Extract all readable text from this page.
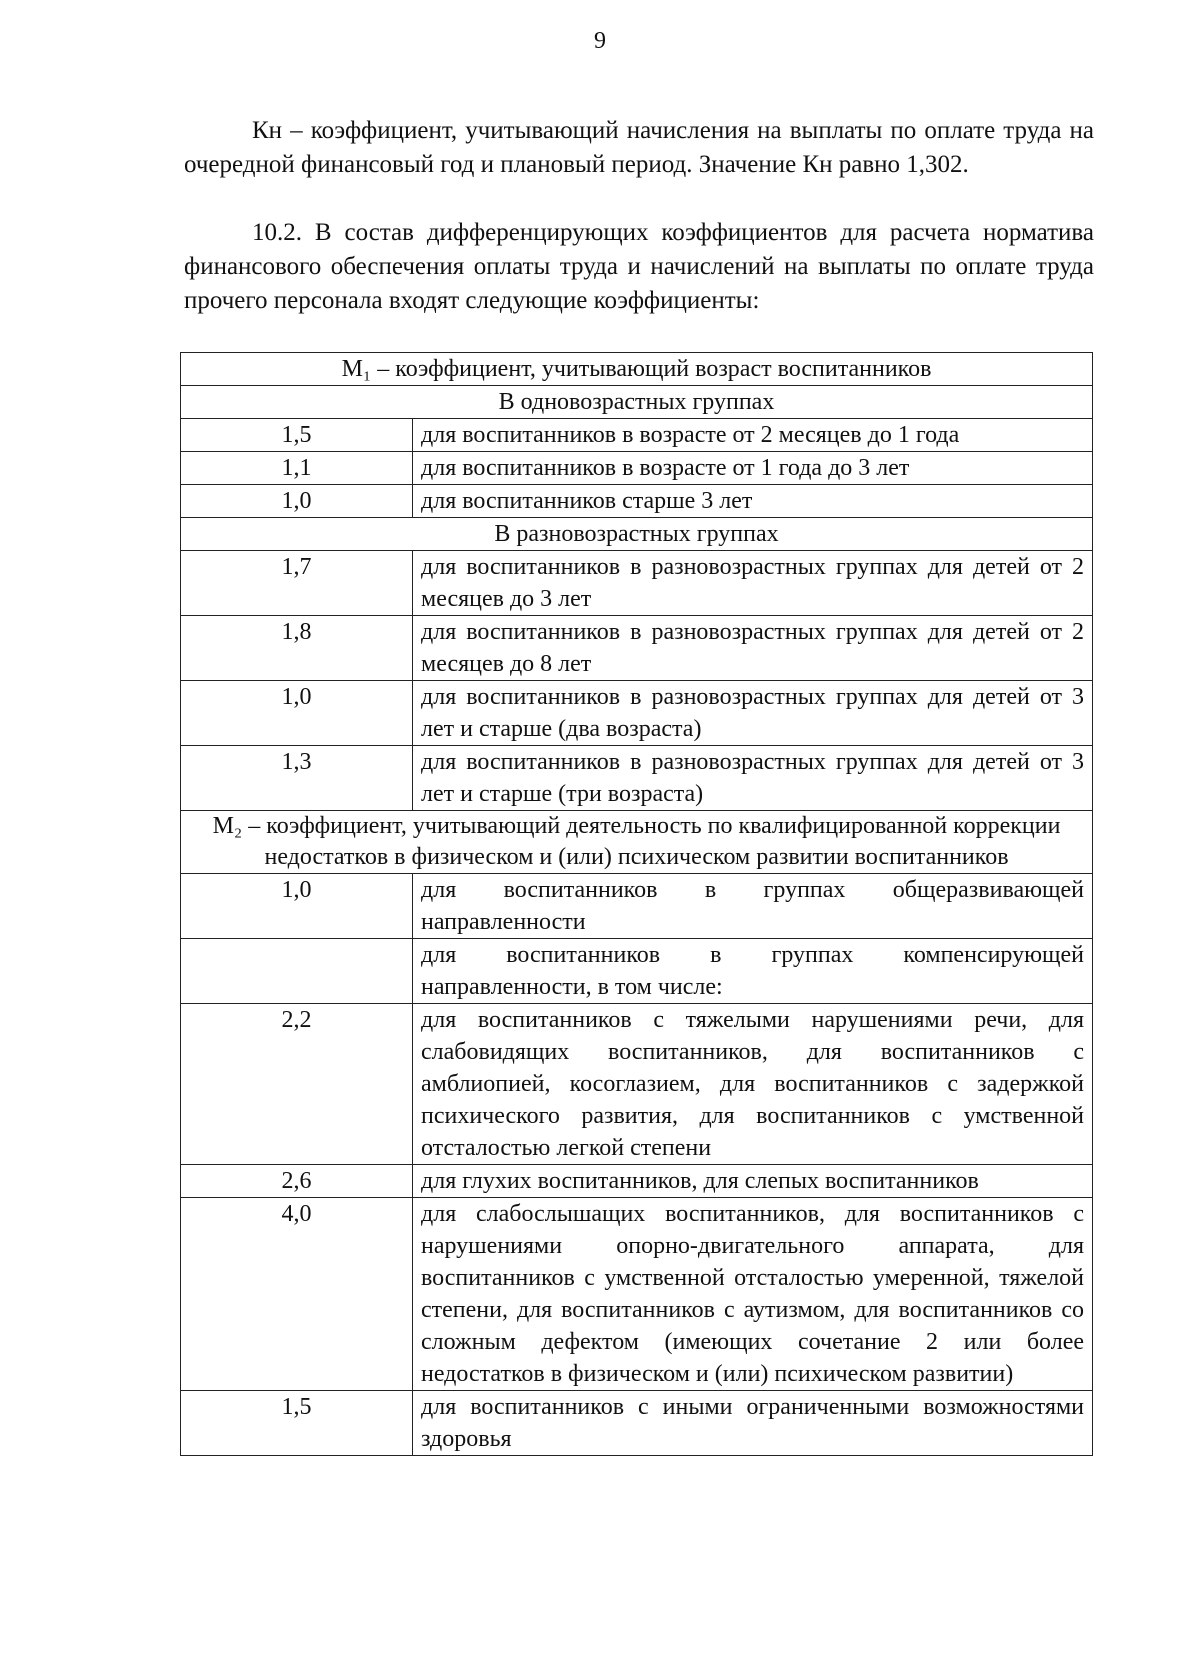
9

Кн – коэффициент, учитывающий начисления на выплаты по оплате труда на очередной финансовый год и плановый период. Значение Кн равно 1,302.

10.2. В состав дифференцирующих коэффициентов для расчета норматива финансового обеспечения оплаты труда и начислений на выплаты по оплате труда прочего персонала входят следующие коэффициенты:

М₁ – коэффициент, учитывающий возраст воспитанников	
В одновозрастных группах	
1,5	для воспитанников в возрасте от 2 месяцев до 1 года
1,1	для воспитанников в возрасте от 1 года до 3 лет
1,0	для воспитанников старше 3 лет
В разновозрастных группах	
1,7	для воспитанников в разновозрастных группах для детей от 2 месяцев до 3 лет
1,8	для воспитанников в разновозрастных группах для детей от 2 месяцев до 8 лет
1,0	для воспитанников в разновозрастных группах для детей от 3 лет и старше (два возраста)
1,3	для воспитанников в разновозрастных группах для детей от 3 лет и старше (три возраста)
М₂ – коэффициент, учитывающий деятельность по квалифицированной коррекции недостатков в физическом и (или) психическом развитии воспитанников	
1,0	для воспитанников в группах общеразвивающей направленности
	для воспитанников в группах компенсирующей направленности, в том числе:
2,2	для воспитанников с тяжелыми нарушениями речи, для слабовидящих воспитанников, для воспитанников с амблиопией, косоглазием, для воспитанников с задержкой психического развития, для воспитанников с умственной отсталостью легкой степени
2,6	для глухих воспитанников, для слепых воспитанников
4,0	для слабослышащих воспитанников, для воспитанников с нарушениями опорно-двигательного аппарата, для воспитанников с умственной отсталостью умеренной, тяжелой степени, для воспитанников с аутизмом, для воспитанников со сложным дефектом (имеющих сочетание 2 или более недостатков в физическом и (или) психическом развитии)
1,5	для воспитанников с иными ограниченными возможностями здоровья
